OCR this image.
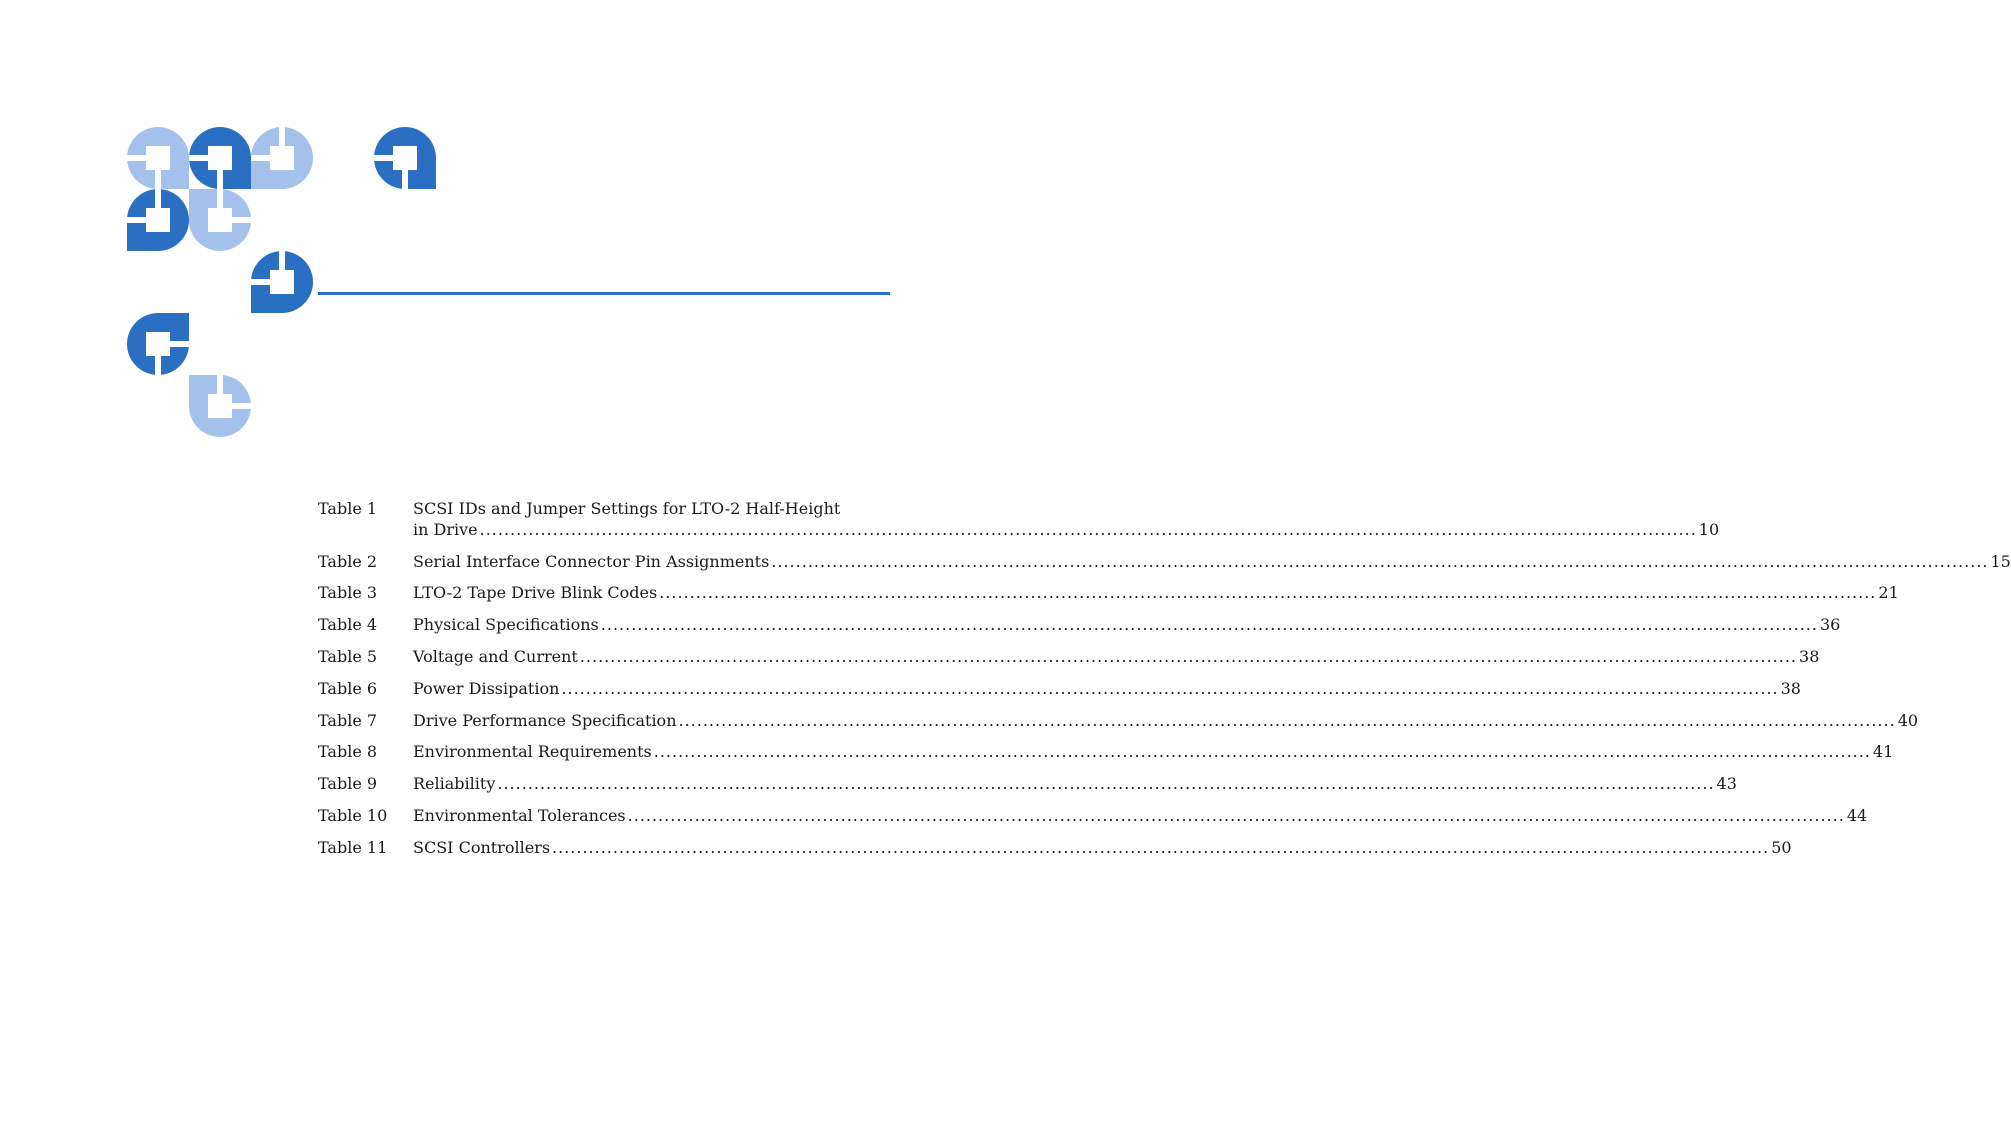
Table 1	SCSI IDs and Jumper Settings for LTO-2 Half-Height
in Drive ........................................................................................................................................................................................................ 10
Table 2	Serial Interface Connector Pin Assignments ........................................................................................................................................................................................................ 15
Table 3	LTO-2 Tape Drive Blink Codes ........................................................................................................................................................................................................ 21
Table 4	Physical Specifications ........................................................................................................................................................................................................ 36
Table 5	Voltage and Current ........................................................................................................................................................................................................ 38
Table 6	Power Dissipation ........................................................................................................................................................................................................ 38
Table 7	Drive Performance Specification ........................................................................................................................................................................................................ 40
Table 8	Environmental Requirements ........................................................................................................................................................................................................ 41
Table 9	Reliability ........................................................................................................................................................................................................ 43
Table 10	Environmental Tolerances ........................................................................................................................................................................................................ 44
Table 11	SCSI Controllers ........................................................................................................................................................................................................ 50
